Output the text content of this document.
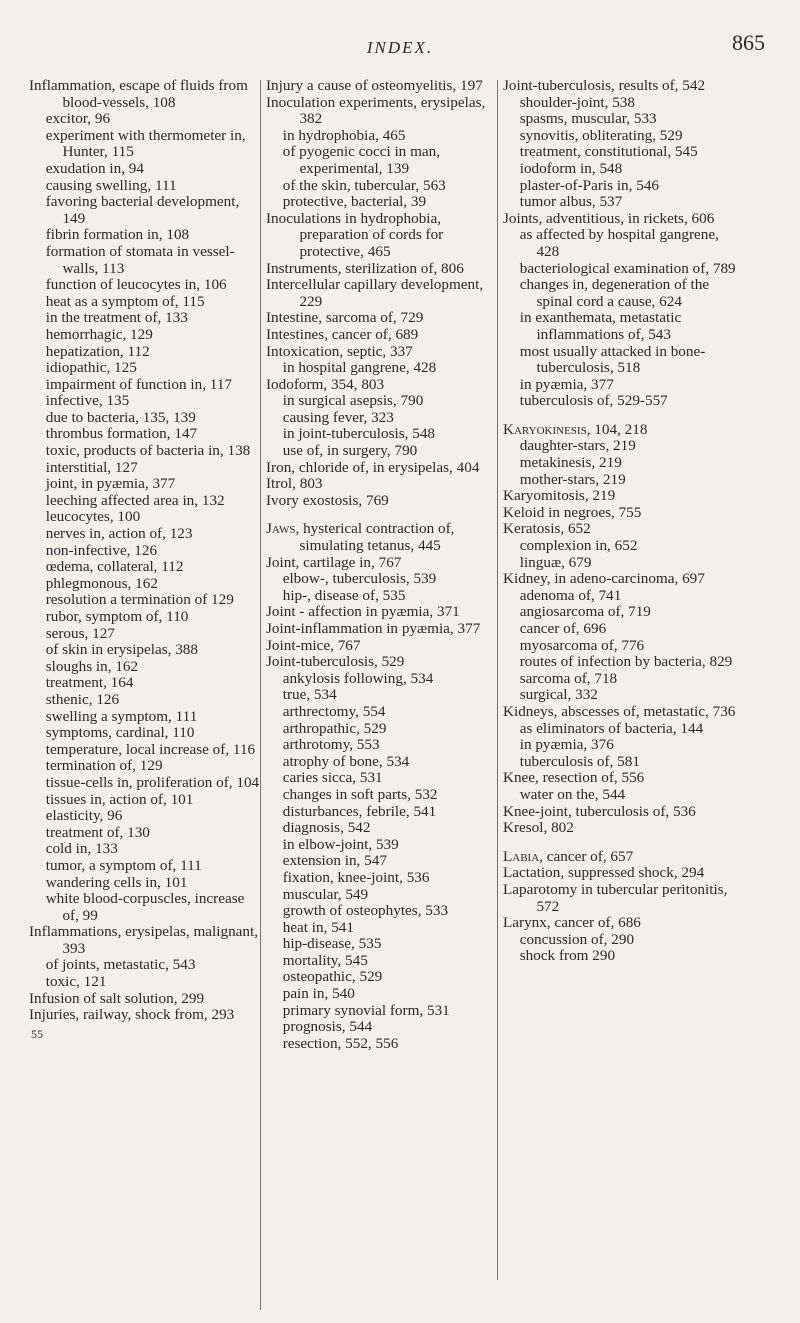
INDEX.	865

Inflammation, escape of fluids from blood-vessels, 108

excitor, 96

experiment with thermometer in, Hunter, 115

exudation in, 94

causing swelling, 111

favoring bacterial development, 149

fibrin formation in, 108

formation of stomata in vessel-walls, 113

function of leucocytes in, 106

heat as a symptom of, 115

in the treatment of, 133

hemorrhagic, 129

hepatization, 112

idiopathic, 125

impairment of function in, 117

infective, 135

due to bacteria, 135, 139

thrombus formation, 147

toxic, products of bacteria in, 138

interstitial, 127

joint, in pyæmia, 377

leeching affected area in, 132

leucocytes, 100

nerves in, action of, 123

non-infective, 126

œdema, collateral, 112

phlegmonous, 162

resolution a termination of 129

rubor, symptom of, 110

serous, 127

of skin in erysipelas, 388

sloughs in, 162

treatment, 164

sthenic, 126

swelling a symptom, 111

symptoms, cardinal, 110

temperature, local increase of, 116

termination of, 129

tissue-cells in, proliferation of, 104

tissues in, action of, 101

elasticity, 96

treatment of, 130

cold in, 133

tumor, a symptom of, 111

wandering cells in, 101

white blood-corpuscles, increase of, 99

Inflammations, erysipelas, malignant, 393

of joints, metastatic, 543

toxic, 121

Infusion of salt solution, 299

Injuries, railway, shock from, 293

55

Injury a cause of osteomyelitis, 197

Inoculation experiments, erysipelas, 382

in hydrophobia, 465

of pyogenic cocci in man, experimental, 139

of the skin, tubercular, 563

protective, bacterial, 39

Inoculations in hydrophobia, preparation of cords for protective, 465

Instruments, sterilization of, 806

Intercellular capillary development, 229

Intestine, sarcoma of, 729

Intestines, cancer of, 689

Intoxication, septic, 337

in hospital gangrene, 428

Iodoform, 354, 803

in surgical asepsis, 790

causing fever, 323

in joint-tuberculosis, 548

use of, in surgery, 790

Iron, chloride of, in erysipelas, 404

Itrol, 803

Ivory exostosis, 769

Jaws, hysterical contraction of, simulating tetanus, 445

Joint, cartilage in, 767

elbow-, tuberculosis, 539

hip-, disease of, 535

Joint - affection in pyæmia, 371

Joint-inflammation in pyæmia, 377

Joint-mice, 767

Joint-tuberculosis, 529

ankylosis following, 534

true, 534

arthrectomy, 554

arthropathic, 529

arthrotomy, 553

atrophy of bone, 534

caries sicca, 531

changes in soft parts, 532

disturbances, febrile, 541

diagnosis, 542

in elbow-joint, 539

extension in, 547

fixation, knee-joint, 536

muscular, 549

growth of osteophytes, 533

heat in, 541

hip-disease, 535

mortality, 545

osteopathic, 529

pain in, 540

primary synovial form, 531

prognosis, 544

resection, 552, 556

Joint-tuberculosis, results of, 542

shoulder-joint, 538

spasms, muscular, 533

synovitis, obliterating, 529

treatment, constitutional, 545

iodoform in, 548

plaster-of-Paris in, 546

tumor albus, 537

Joints, adventitious, in rickets, 606

as affected by hospital gangrene, 428

bacteriological examination of, 789

changes in, degeneration of the spinal cord a cause, 624

in exanthemata, metastatic inflammations of, 543

most usually attacked in bone-tuberculosis, 518

in pyæmia, 377

tuberculosis of, 529-557

Karyokinesis, 104, 218

daughter-stars, 219

metakinesis, 219

mother-stars, 219

Karyomitosis, 219

Keloid in negroes, 755

Keratosis, 652

complexion in, 652

linguæ, 679

Kidney, in adeno-carcinoma, 697

adenoma of, 741

angiosarcoma of, 719

cancer of, 696

myosarcoma of, 776

routes of infection by bacteria, 829

sarcoma of, 718

surgical, 332

Kidneys, abscesses of, metastatic, 736

as eliminators of bacteria, 144

in pyæmia, 376

tuberculosis of, 581

Knee, resection of, 556

water on the, 544

Knee-joint, tuberculosis of, 536

Kresol, 802

Labia, cancer of, 657

Lactation, suppressed shock, 294

Laparotomy in tubercular peritonitis, 572

Larynx, cancer of, 686

concussion of, 290

shock from 290
